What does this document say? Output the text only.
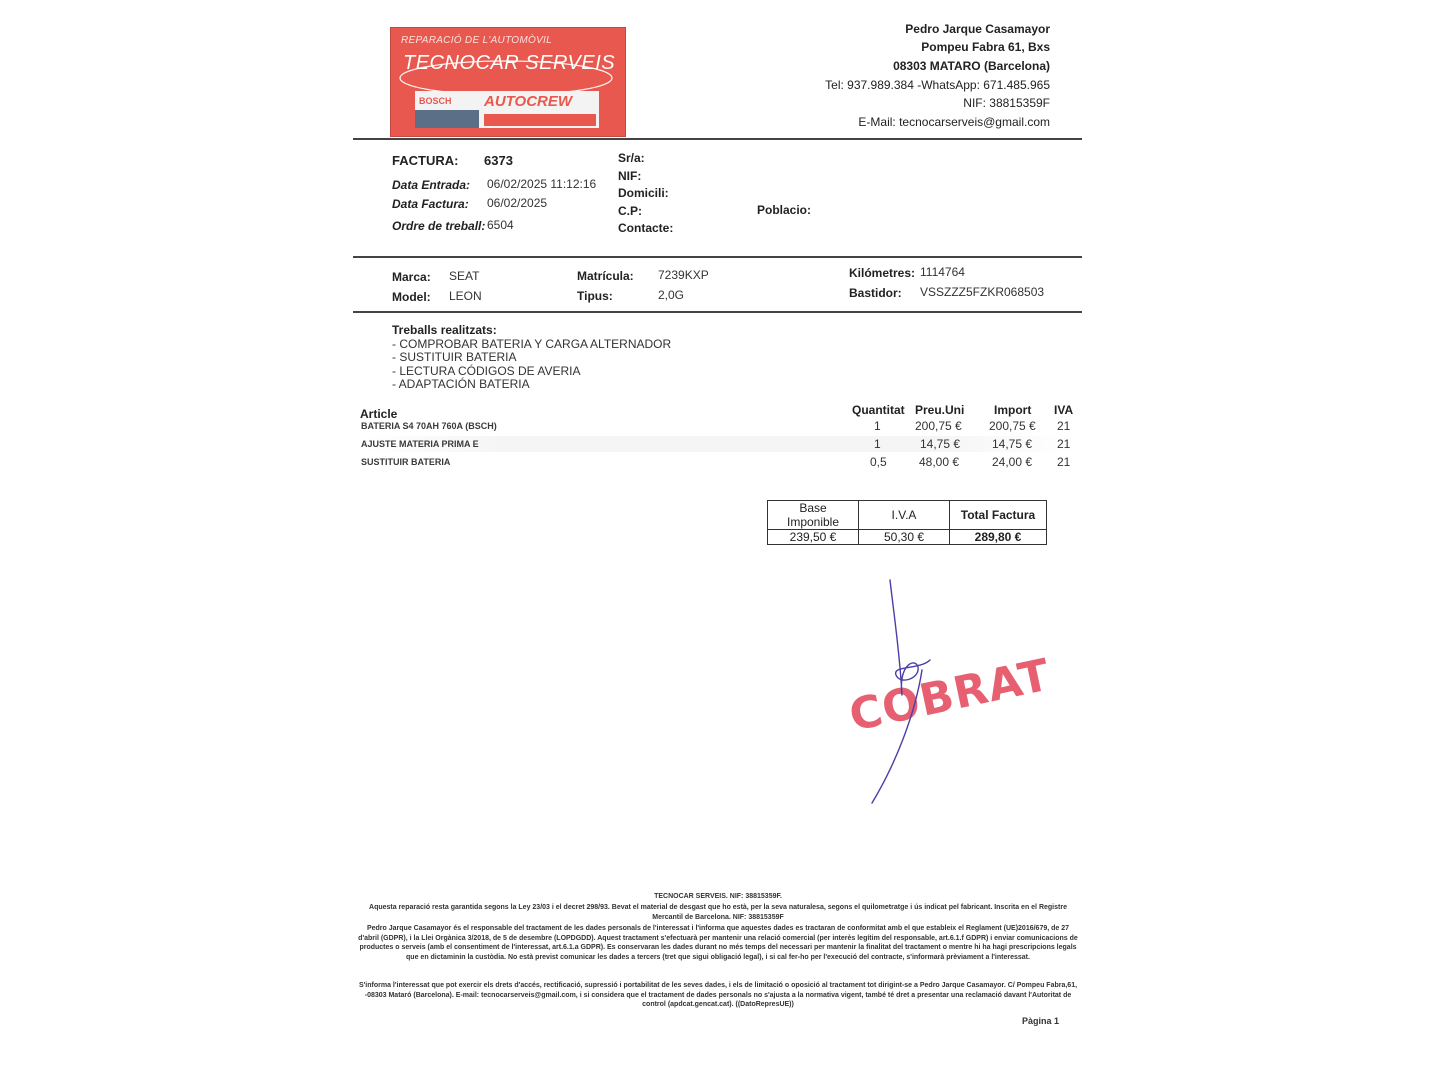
REPARACIÓ DE L'AUTOMÒVIL
TECNOCAR SERVEIS
BOSCH AUTOCREW
Pedro Jarque Casamayor
Pompeu Fabra 61, Bxs
08303 MATARO (Barcelona)
Tel: 937.989.384 -WhatsApp: 671.485.965
NIF: 38815359F
E-Mail: tecnocarserveis@gmail.com
FACTURA: 6373
Data Entrada: 06/02/2025 11:12:16
Data Factura: 06/02/2025
Ordre de treball: 6504
Sr/a:
NIF:
Domicili:
C.P:
Contacte:
Poblacio:
Marca: SEAT
Model: LEON
Matrícula: 7239KXP
Tipus:	2,0G
Kilómetres: 1114764
Bastidor: VSSZZZ5FZKR068503
Treballs realitzats:
- COMPROBAR BATERIA Y CARGA ALTERNADOR
- SUSTITUIR BATERIA
- LECTURA CÓDIGOS DE AVERIA
- ADAPTACIÓN BATERIA
Article	Quantitat Preu.Uni Import IVA
BATERIA S4 70AH 760A (BSCH)	1	200,75 € 200,75 € 21
AJUSTE MATERIA PRIMA E	1	14,75 €	14,75 € 21
SUSTITUIR BATERIA	0,5	48,00 €	24,00 € 21
Base Imponible	I.V.A	Total Factura
239,50 €	50,30 €	289,80 €
COBRAT
TECNOCAR SERVEIS. NIF: 38815359F.
Aquesta reparació resta garantida segons la Ley 23/03 i el decret 298/93. Bevat el material de desgast que ho està, per la seva naturalesa, segons el quilometratge i ús indicat pel fabricant. Inscrita en el Registre Mercantil de Barcelona. NIF: 38815359F
Pedro Jarque Casamayor és el responsable del tractament de les dades personals de l'interessat i l'informa que aquestes dades es tractaran de conformitat amb el que estableix el Reglament (UE)2016/679, de 27 d'abril (GDPR), i la Llei Orgànica 3/2018, de 5 de desembre (LOPDGDD). Aquest tractament s'efectuarà per mantenir una relació comercial (per interès legítim del responsable, art.6.1.f GDPR) i enviar comunicacions de productes o serveis (amb el consentiment de l'interessat, art.6.1.a GDPR). Es conservaran les dades durant no més temps del necessari per mantenir la finalitat del tractament o mentre hi ha hagi prescripcions legals que en dictaminin la custòdia. No està previst comunicar les dades a tercers (tret que sigui obligació legal), i si cal fer-ho per l'execució del contracte, s'informarà prèviament a l'interessat.
S'informa l'interessat que pot exercir els drets d'accés, rectificació, supressió i portabilitat de les seves dades, i els de limitació o oposició al tractament tot dirigint-se a Pedro Jarque Casamayor. C/ Pompeu Fabra,61, -08303 Mataró (Barcelona). E-mail: tecnocarserveis@gmail.com, i si considera que el tractament de dades personals no s'ajusta a la normativa vigent, també té dret a presentar una reclamació davant l'Autoritat de control (apdcat.gencat.cat). ((DatoRepresUE))
Pàgina 1
